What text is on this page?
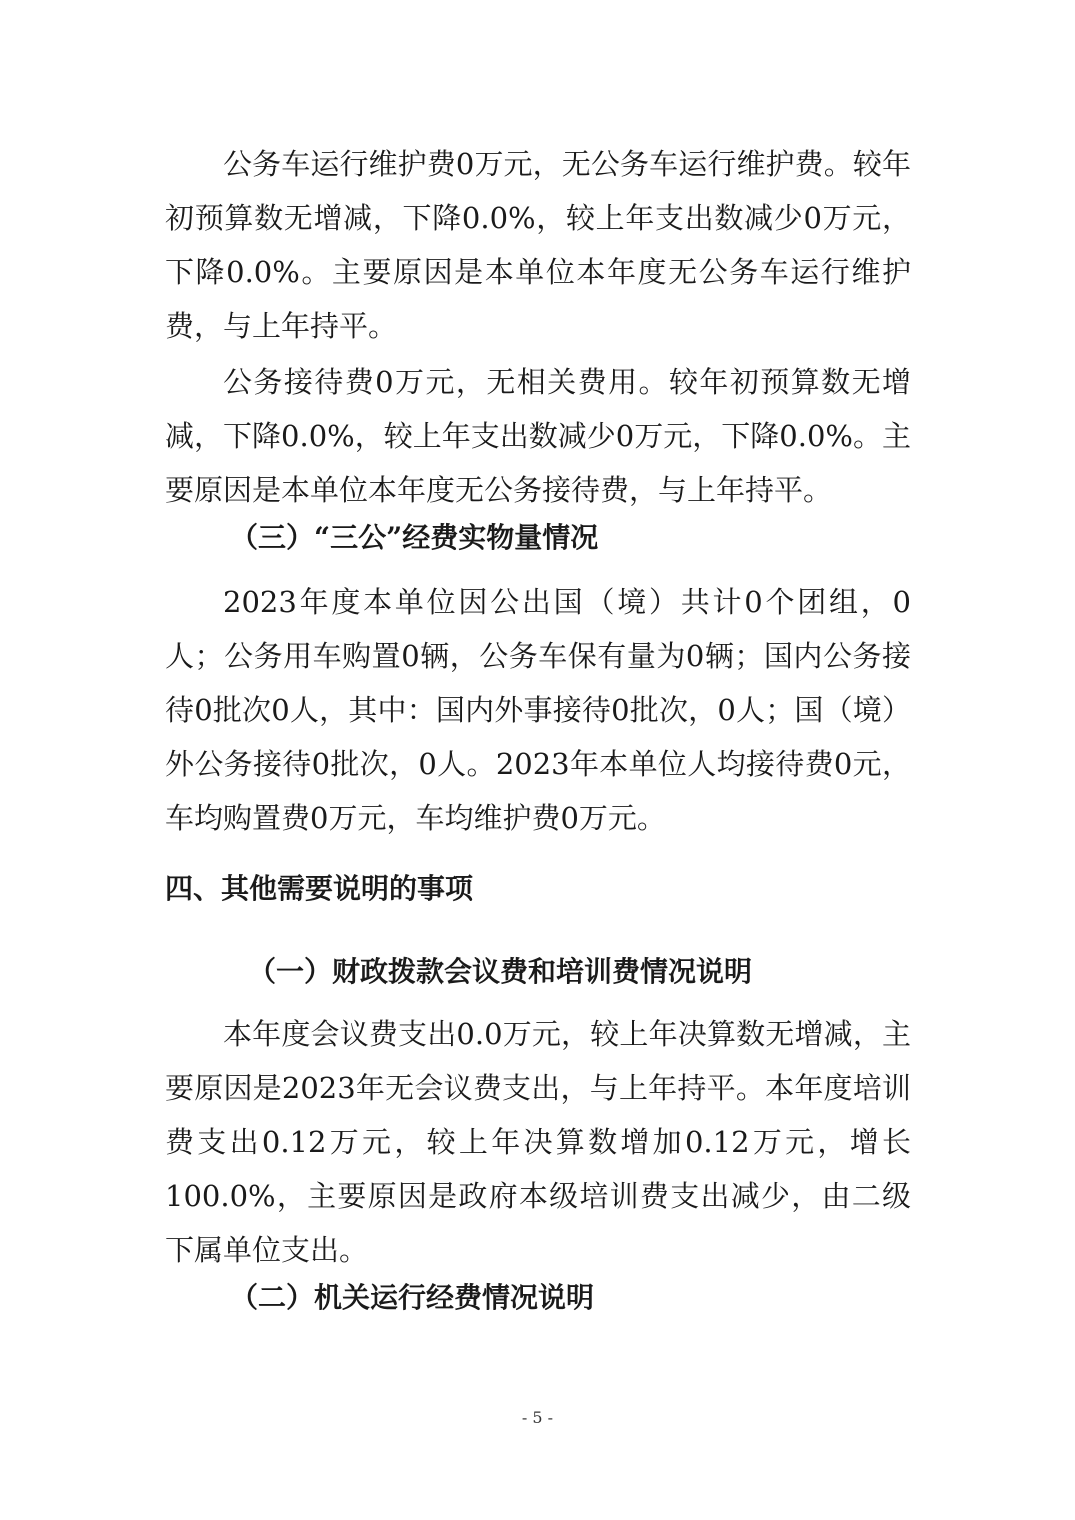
公务车运行维护费0万元，无公务车运行维护费。较年初预算数无增减，下降0.0%，较上年支出数减少0万元，下降0.0%。主要原因是本单位本年度无公务车运行维护费，与上年持平。

公务接待费0万元，无相关费用。较年初预算数无增减，下降0.0%，较上年支出数减少0万元，下降0.0%。主要原因是本单位本年度无公务接待费，与上年持平。

（三）“三公”经费实物量情况

2023年度本单位因公出国（境）共计0个团组，0人；公务用车购置0辆，公务车保有量为0辆；国内公务接待0批次0人，其中：国内外事接待0批次，0人；国（境）外公务接待0批次，0人。2023年本单位人均接待费0元，车均购置费0万元，车均维护费0万元。

四、其他需要说明的事项
（一）财政拨款会议费和培训费情况说明

本年度会议费支出0.0万元，较上年决算数无增减，主要原因是2023年无会议费支出，与上年持平。本年度培训费支出0.12万元，较上年决算数增加0.12万元，增长100.0%，主要原因是政府本级培训费支出减少，由二级下属单位支出。

（二）机关运行经费情况说明
- 5 -
